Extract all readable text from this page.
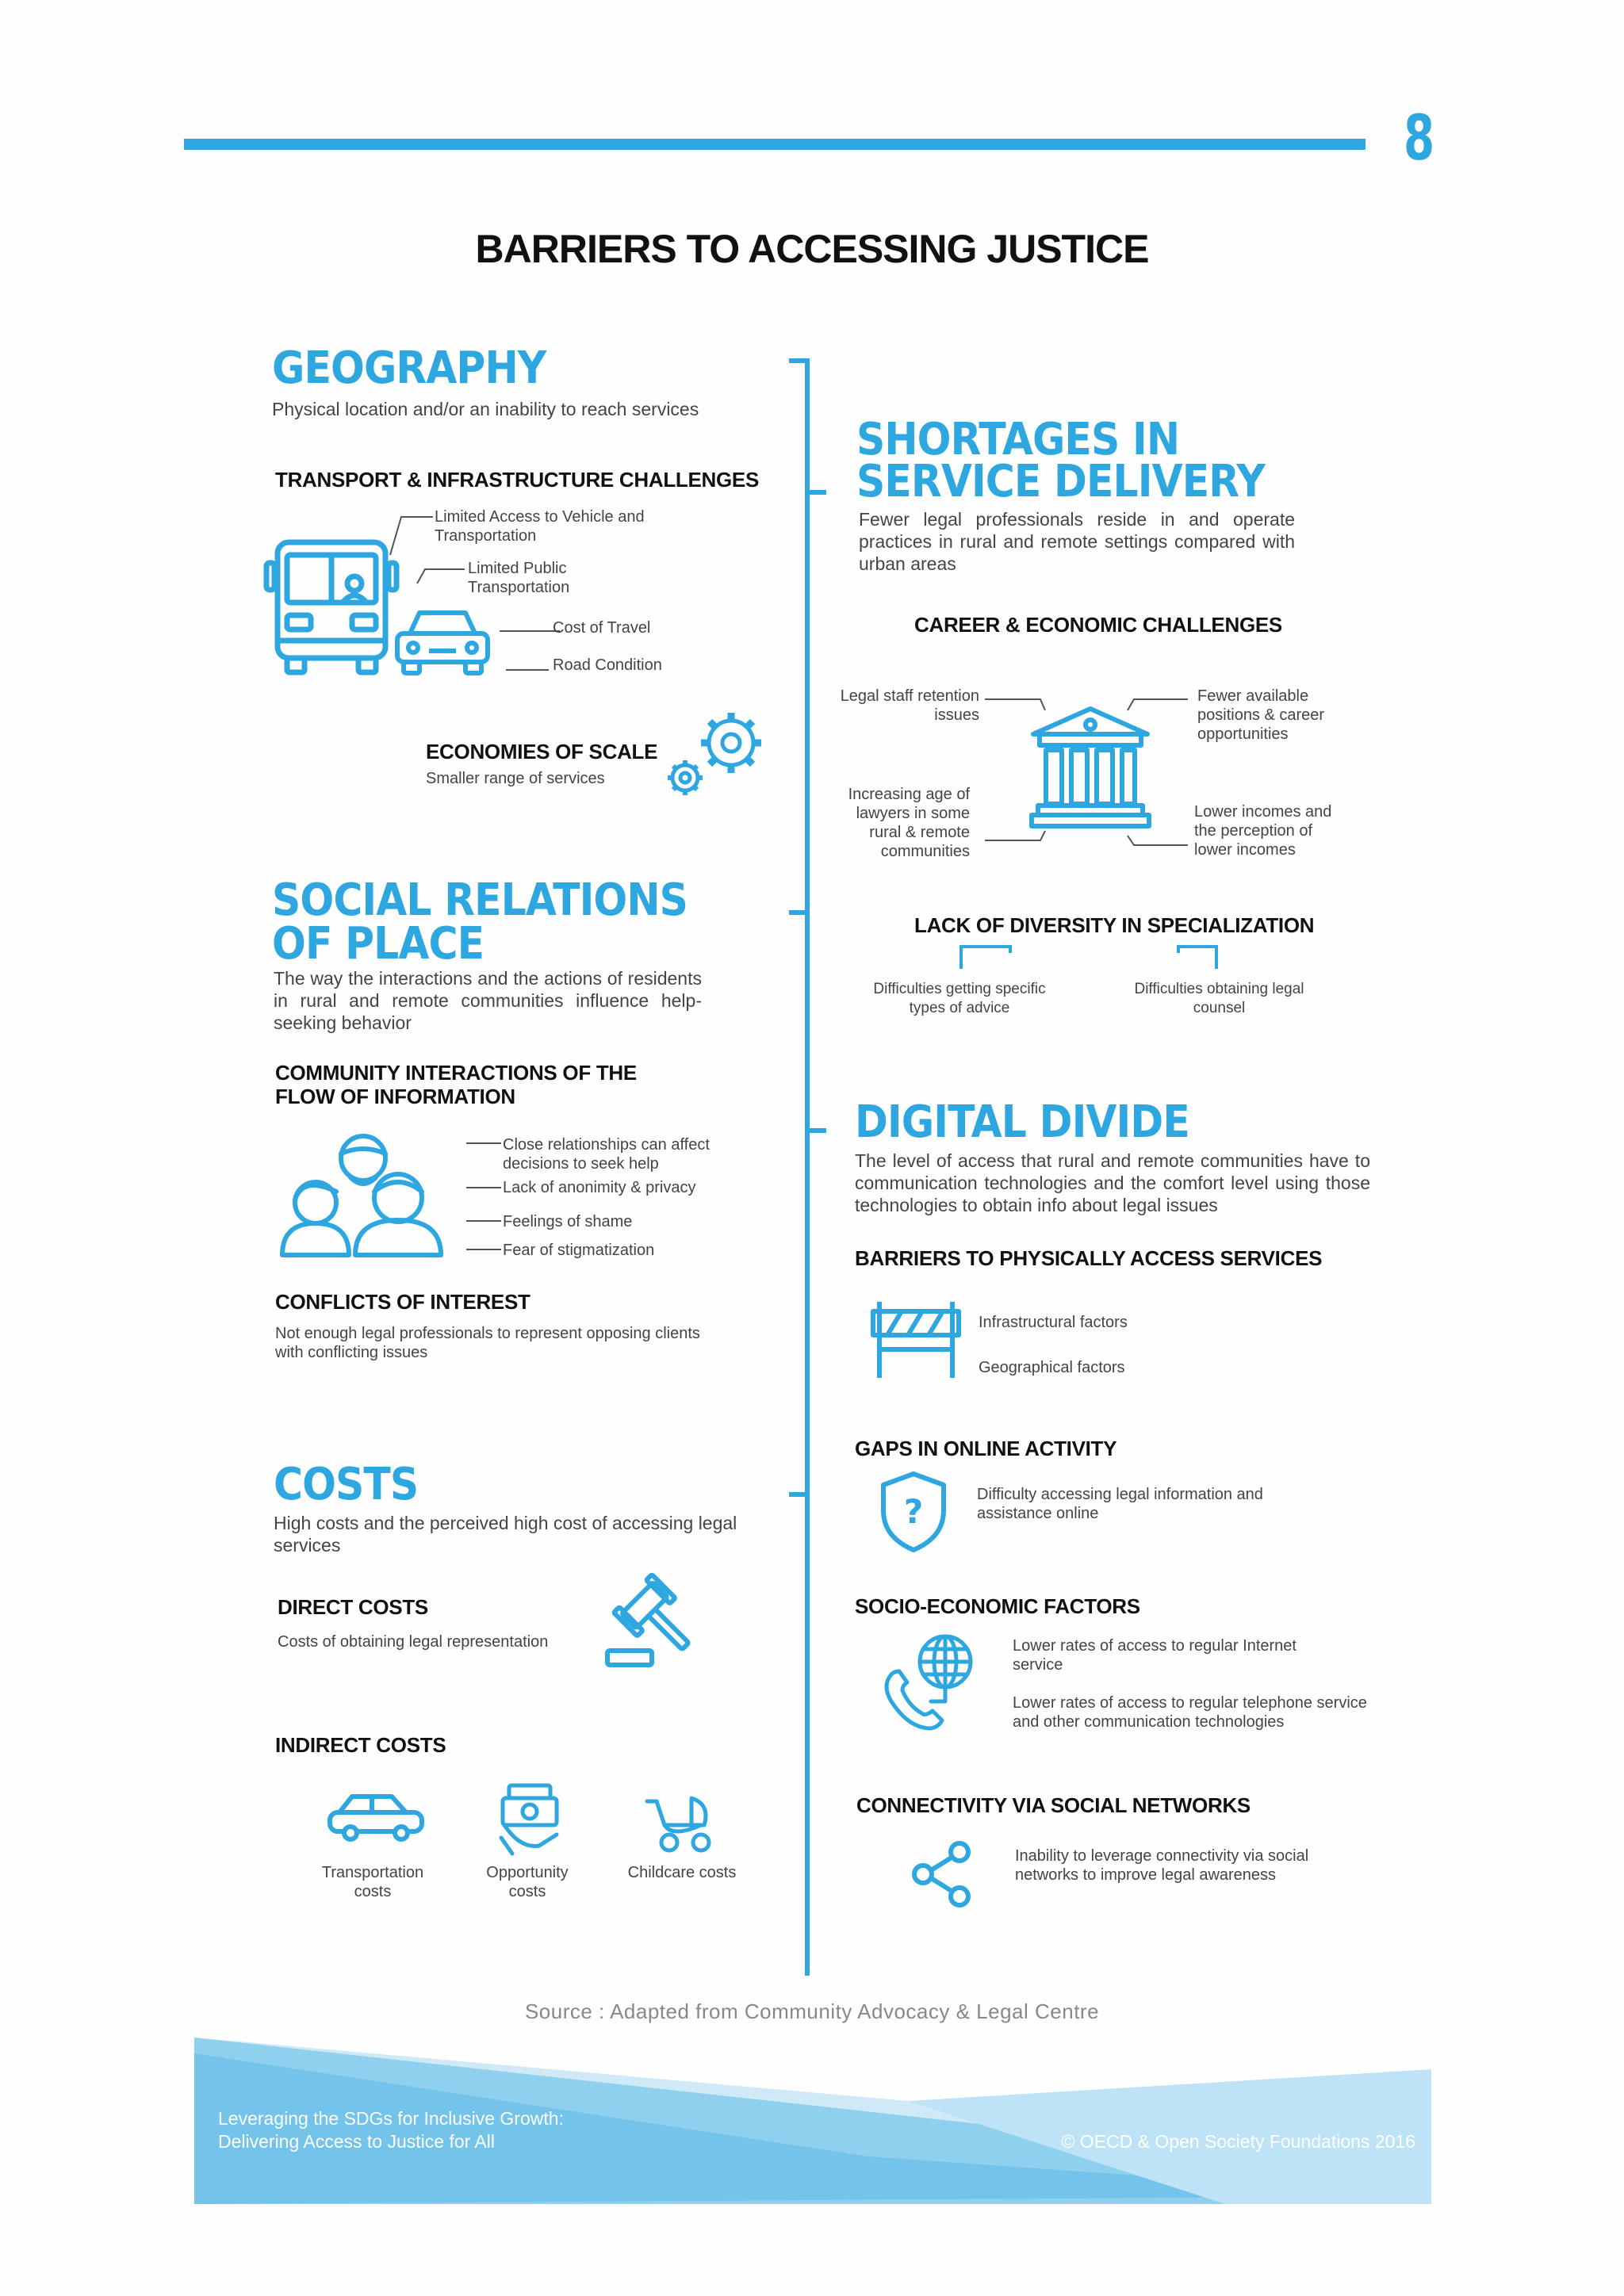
8
BARRIERS TO ACCESSING JUSTICE
GEOGRAPHY
Physical location and/or an inability to reach services
TRANSPORT & INFRASTRUCTURE CHALLENGES
Limited Access to Vehicle and Transportation
Limited Public Transportation
Cost of Travel
Road Condition
ECONOMIES OF SCALE
Smaller range of services
SOCIAL RELATIONS
OF PLACE
The way the interactions and the actions of residents in rural and remote communities influence help-seeking behavior
COMMUNITY INTERACTIONS OF THE
FLOW OF INFORMATION
Close relationships can affect decisions to seek help
Lack of anonimity & privacy
Feelings of shame
Fear of stigmatization
CONFLICTS OF INTEREST
Not enough legal professionals to represent opposing clients with conflicting issues
COSTS
High costs and the perceived high cost of accessing legal services
DIRECT COSTS
Costs of obtaining legal representation
INDIRECT COSTS
Transportation costs
Opportunity costs
Childcare costs
SHORTAGES IN
SERVICE DELIVERY
Fewer legal professionals reside in and operate practices in rural and remote settings compared with urban areas
CAREER & ECONOMIC CHALLENGES
Legal staff retention issues
Fewer available positions & career opportunities
Increasing age of lawyers in some rural & remote communities
Lower incomes and the perception of lower incomes
LACK OF DIVERSITY IN SPECIALIZATION
Difficulties getting specific types of advice
Difficulties obtaining legal counsel
DIGITAL DIVIDE
The level of access that rural and remote communities have to communication technologies and the comfort level using those technologies to obtain info about legal issues
BARRIERS TO PHYSICALLY ACCESS SERVICES
Infrastructural factors
Geographical factors
GAPS IN ONLINE ACTIVITY
?	Difficulty accessing legal information and assistance online
SOCIO-ECONOMIC FACTORS
Lower rates of access to regular Internet service
Lower rates of access to regular telephone service and other communication technologies
CONNECTIVITY VIA SOCIAL NETWORKS
Inability to leverage connectivity via social networks to improve legal awareness
Source : Adapted from Community Advocacy & Legal Centre
Leveraging the SDGs for Inclusive Growth:
Delivering Access to Justice for All	© OECD & Open Society Foundations 2016
